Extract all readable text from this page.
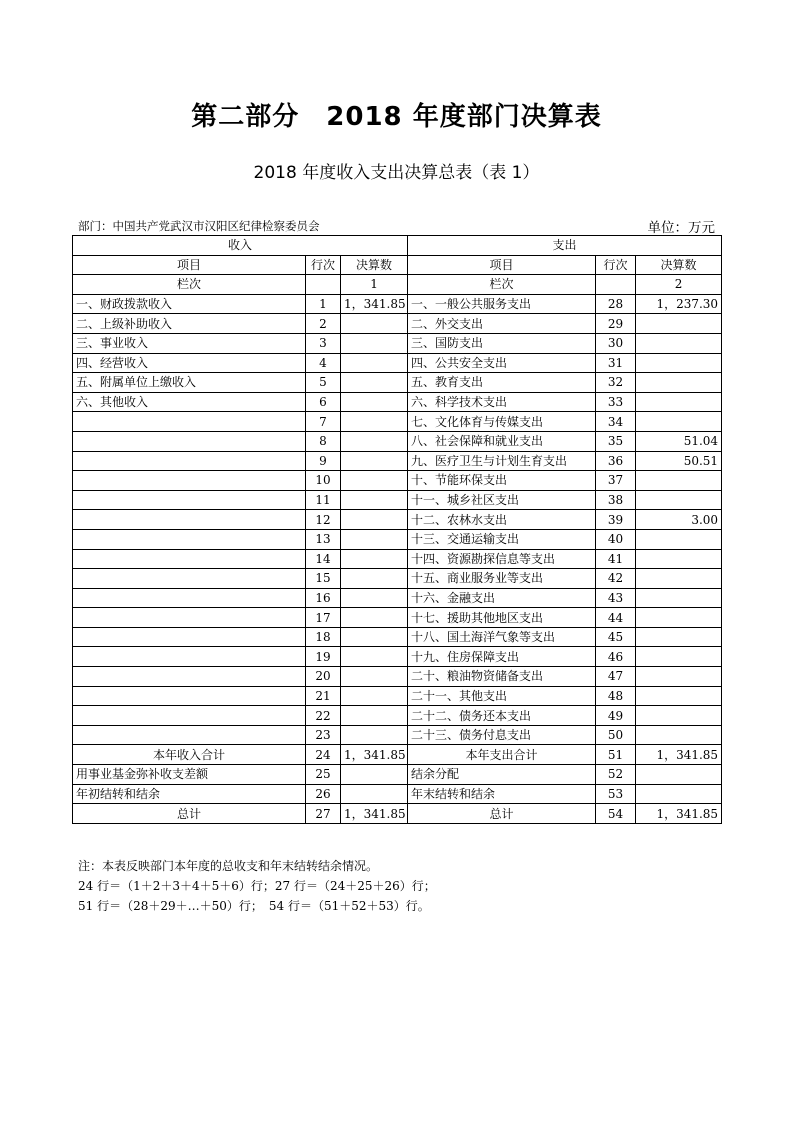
第二部分　2018 年度部门决算表
2018 年度收入支出决算总表（表 1）
部门：中国共产党武汉市汉阳区纪律检察委员会	单位：万元
收入			支出		
项目	行次	决算数	项目	行次	决算数
栏次		1	栏次		2
一、财政拨款收入	1	1，341.85	一、一般公共服务支出	28	1，237.30
二、上级补助收入	2		二、外交支出	29	
三、事业收入	3		三、国防支出	30	
四、经营收入	4		四、公共安全支出	31	
五、附属单位上缴收入	5		五、教育支出	32	
六、其他收入	6		六、科学技术支出	33	
	7		七、文化体育与传媒支出	34	
	8		八、社会保障和就业支出	35	51.04
	9		九、医疗卫生与计划生育支出	36	50.51
	10		十、节能环保支出	37	
	11		十一、城乡社区支出	38	
	12		十二、农林水支出	39	3.00
	13		十三、交通运输支出	40	
	14		十四、资源勘探信息等支出	41	
	15		十五、商业服务业等支出	42	
	16		十六、金融支出	43	
	17		十七、援助其他地区支出	44	
	18		十八、国土海洋气象等支出	45	
	19		十九、住房保障支出	46	
	20		二十、粮油物资储备支出	47	
	21		二十一、其他支出	48	
	22		二十二、债务还本支出	49	
	23		二十三、债务付息支出	50	
本年收入合计	24	1，341.85	本年支出合计	51	1，341.85
用事业基金弥补收支差额	25		结余分配	52	
年初结转和结余	26		年末结转和结余	53	
总计	27	1，341.85	总计	54	1，341.85
注：本表反映部门本年度的总收支和年末结转结余情况。
24 行＝（1＋2＋3＋4＋5＋6）行；27 行＝（24＋25＋26）行；
51 行＝（28＋29＋…＋50）行；　54 行＝（51＋52＋53）行。
